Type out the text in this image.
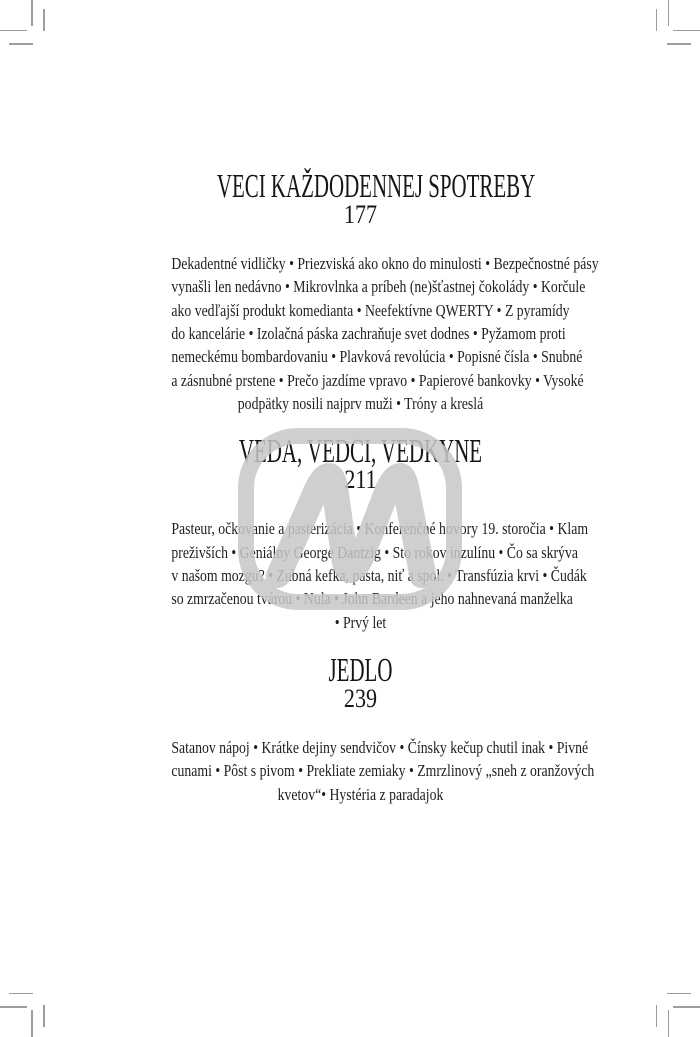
VECI KAŽDODENNEJ SPOTREBY
177
Dekadentné vidličky • Priezviská ako okno do minulosti • Bezpečnostné pásy
vynašli len nedávno • Mikrovlnka a príbeh (ne)šťastnej čokolády • Korčule
ako vedľajší produkt komedianta • Neefektívne QWERTY • Z pyramídy
do kancelárie • Izolačná páska zachraňuje svet dodnes • Pyžamom proti
nemeckému bombardovaniu • Plavková revolúcia • Popisné čísla • Snubné
a zásnubné prstene • Prečo jazdíme vpravo • Papierové bankovky • Vysoké
podpätky nosili najprv muži • Tróny a kreslá
VEDA, VEDCI, VEDKYNE
211
Pasteur, očkovanie a pasterizácia • Konferenčné hovory 19. storočia • Klam
preživších • Geniálny George Dantzig • Sto rokov inzulínu • Čo sa skrýva
v našom mozgu? • Zubná kefka, pasta, niť a spol. • Transfúzia krvi • Čudák
so zmrzačenou tvárou • Nula • John Bardeen a jeho nahnevaná manželka
• Prvý let
JEDLO
239
Satanov nápoj • Krátke dejiny sendvičov • Čínsky kečup chutil inak • Pivné
cunami • Pôst s pivom • Prekliate zemiaky • Zmrzlinový „sneh z oranžových
kvetov“• Hystéria z paradajok
